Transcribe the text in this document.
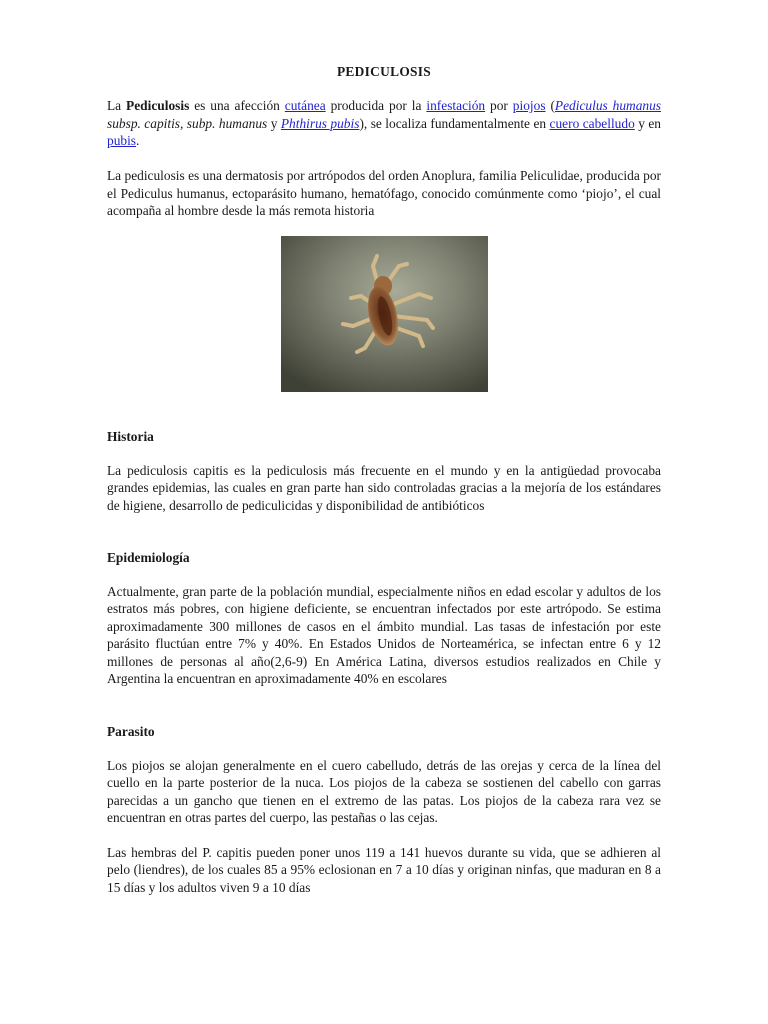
PEDICULOSIS

La Pediculosis es una afección cutánea producida por la infestación por piojos (Pediculus humanus subsp. capitis, subp. humanus y Phthirus pubis), se localiza fundamentalmente en cuero cabelludo y en pubis.

La pediculosis es una dermatosis por artrópodos del orden Anoplura, familia Peliculidae, producida por el Pediculus humanus, ectoparásito humano, hematófago, conocido comúnmente como ‘piojo’, el cual acompaña al hombre desde la más remota historia

Historia

La pediculosis capitis es la pediculosis más frecuente en el mundo y en la antigüedad provocaba grandes epidemias, las cuales en gran parte han sido controladas gracias a la mejoría de los estándares de higiene, desarrollo de pediculicidas y disponibilidad de antibióticos

Epidemiología

Actualmente, gran parte de la población mundial, especialmente niños en edad escolar y adultos de los estratos más pobres, con higiene deficiente, se encuentran infectados por este artrópodo. Se estima aproximadamente 300 millones de casos en el ámbito mundial. Las tasas de infestación por este parásito fluctúan entre 7% y 40%. En Estados Unidos de Norteamérica, se infectan entre 6 y 12 millones de personas al año(2,6-9) En América Latina, diversos estudios realizados en Chile y Argentina la encuentran en aproximadamente 40% en escolares

Parasito

Los piojos se alojan generalmente en el cuero cabelludo, detrás de las orejas y cerca de la línea del cuello en la parte posterior de la nuca. Los piojos de la cabeza se sostienen del cabello con garras parecidas a un gancho que tienen en el extremo de las patas. Los piojos de la cabeza rara vez se encuentran en otras partes del cuerpo, las pestañas o las cejas.

Las hembras del P. capitis pueden poner unos 119 a 141 huevos durante su vida, que se adhieren al pelo (liendres), de los cuales 85 a 95% eclosionan en 7 a 10 días y originan ninfas, que maduran en 8 a 15 días y los adultos viven 9 a 10 días
